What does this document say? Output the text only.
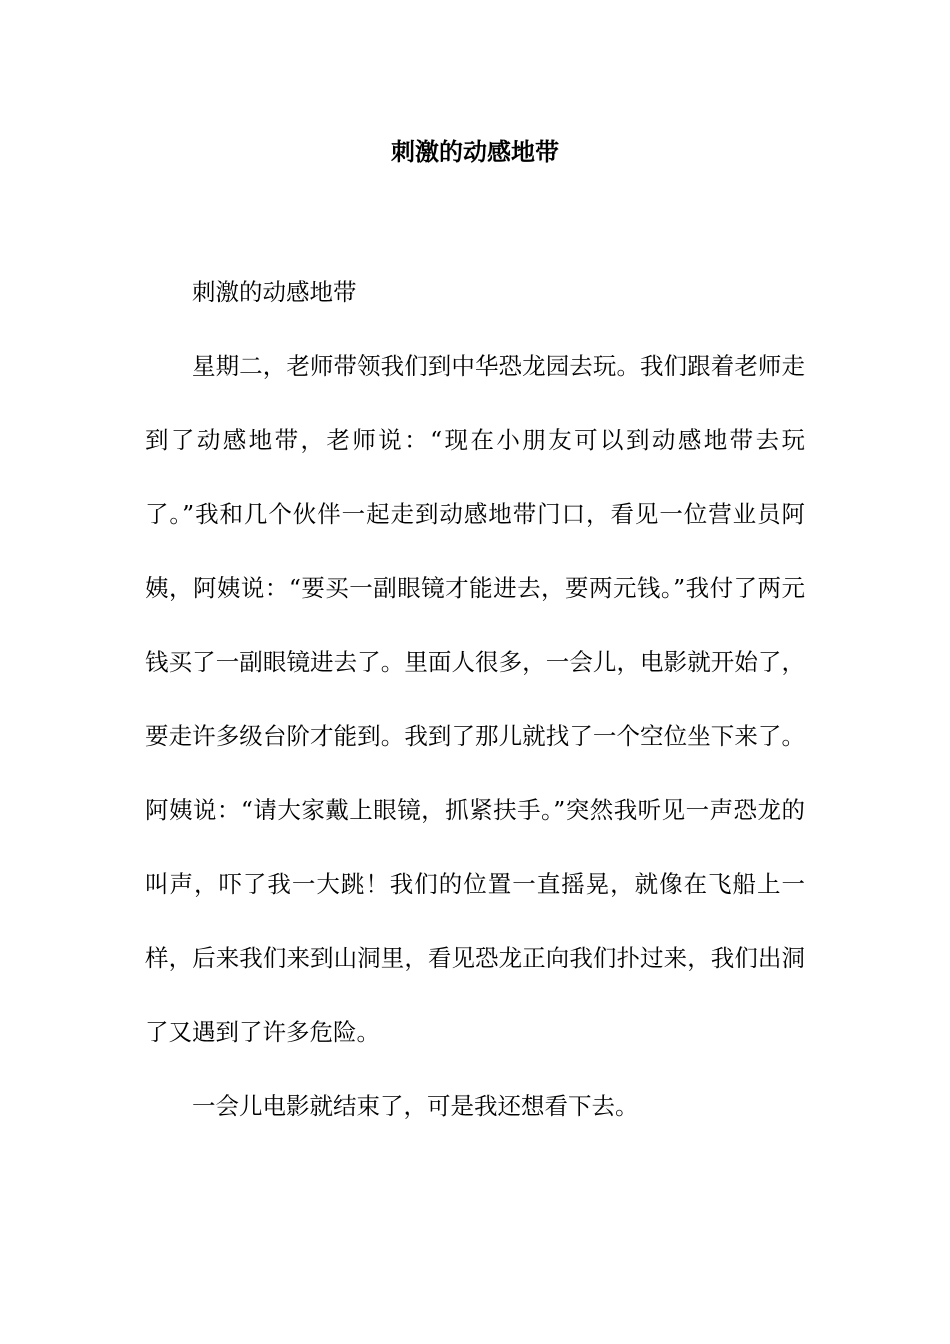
刺激的动感地带

刺激的动感地带

星期二，老师带领我们到中华恐龙园去玩。我们跟着老师走到了动感地带，老师说：“现在小朋友可以到动感地带去玩了。”我和几个伙伴一起走到动感地带门口，看见一位营业员阿姨，阿姨说：“要买一副眼镜才能进去，要两元钱。”我付了两元钱买了一副眼镜进去了。里面人很多，一会儿，电影就开始了，要走许多级台阶才能到。我到了那儿就找了一个空位坐下来了。阿姨说：“请大家戴上眼镜，抓紧扶手。”突然我听见一声恐龙的叫声，吓了我一大跳！我们的位置一直摇晃，就像在飞船上一样，后来我们来到山洞里，看见恐龙正向我们扑过来，我们出洞了又遇到了许多危险。

一会儿电影就结束了，可是我还想看下去。
